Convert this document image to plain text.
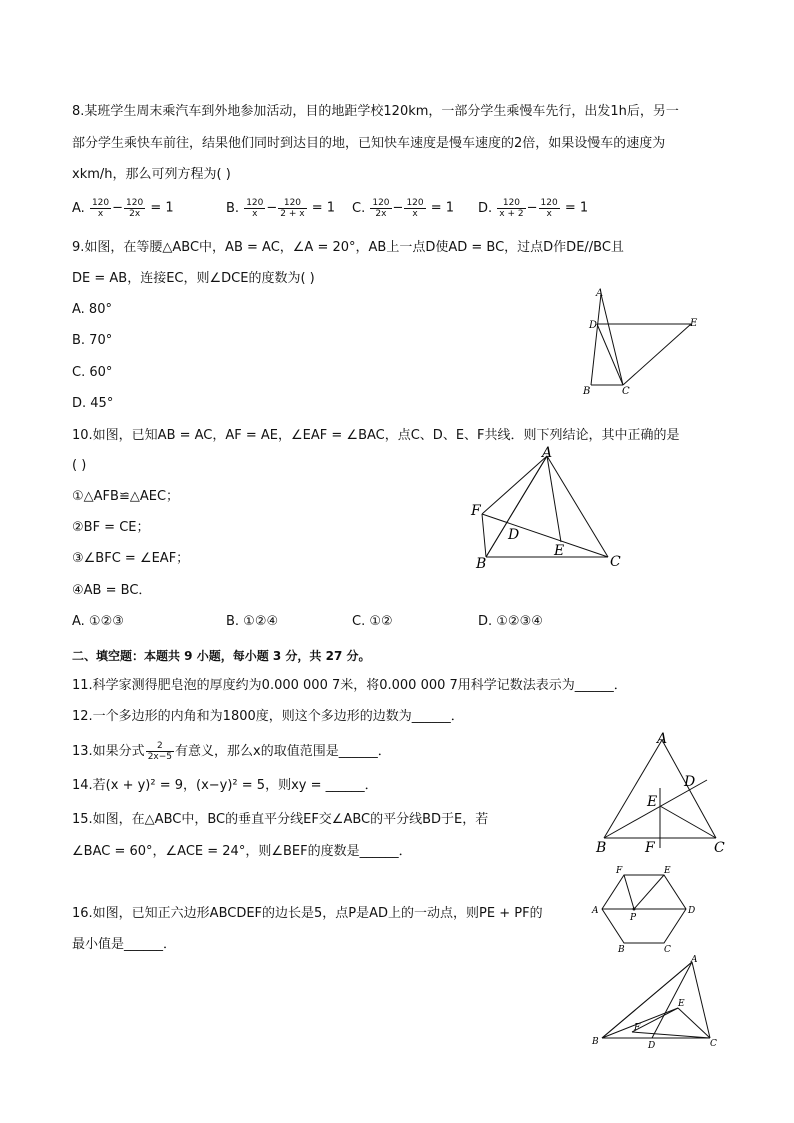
8.某班学生周末乘汽车到外地参加活动，目的地距学校120km，一部分学生乘慢车先行，出发1h后，另一
部分学生乘快车前往，结果他们同时到达目的地，已知快车速度是慢车速度的2倍，如果设慢车的速度为
xkm/h，那么可列方程为( )
A. $\frac{120}{x} - \frac{120}{2x} = 1$	B. $\frac{120}{x} - \frac{120}{2 + x} = 1$ C. $\frac{120}{2x} - \frac{120}{x} = 1$ D. $\frac{120}{x + 2} - \frac{120}{x} = 1$
9.如图，在等腰△ABC中，AB = AC，∠A = 20°，AB上一点D使AD = BC，过点D作DE//BC且
DE = AB，连接EC，则∠DCE的度数为( )
A. 80°
B. 70°
C. 60°
D. 45°
A
D	E
B	C
10.如图，已知AB = AC，AF = AE，∠EAF = ∠BAC，点C、D、E、F共线．则下列结论，其中正确的是
( )
①△AFB≌△AEC；
②BF = CE；
③∠BFC = ∠EAF；
④AB = BC．
A. ①②③	B. ①②④	C. ①②	D. ①②③④
A
F
D
E
B	C
二、填空题：本题共 9 小题，每小题 3 分，共 27 分。
11.科学家测得肥皂泡的厚度约为0.000 000 7米，将0.000 000 7用科学记数法表示为______．
12.一个多边形的内角和为1800度，则这个多边形的边数为______．
13.如果分式 $\frac{2}{2x-5}$ 有意义，那么x的取值范围是______．
14.若(x + y)² = 9，(x−y)² = 5，则xy = ______．
15.如图，在△ABC中，BC的垂直平分线EF交∠ABC的平分线BD于E，若
∠BAC = 60°，∠ACE = 24°，则∠BEF的度数是______．
A
D
E
B	F	C
16.如图，已知正六边形ABCDEF的边长是5，点P是AD上的一动点，则PE + PF的
最小值是______．
F	E
A	D
P
B	C
A
E
F
B	D	C
